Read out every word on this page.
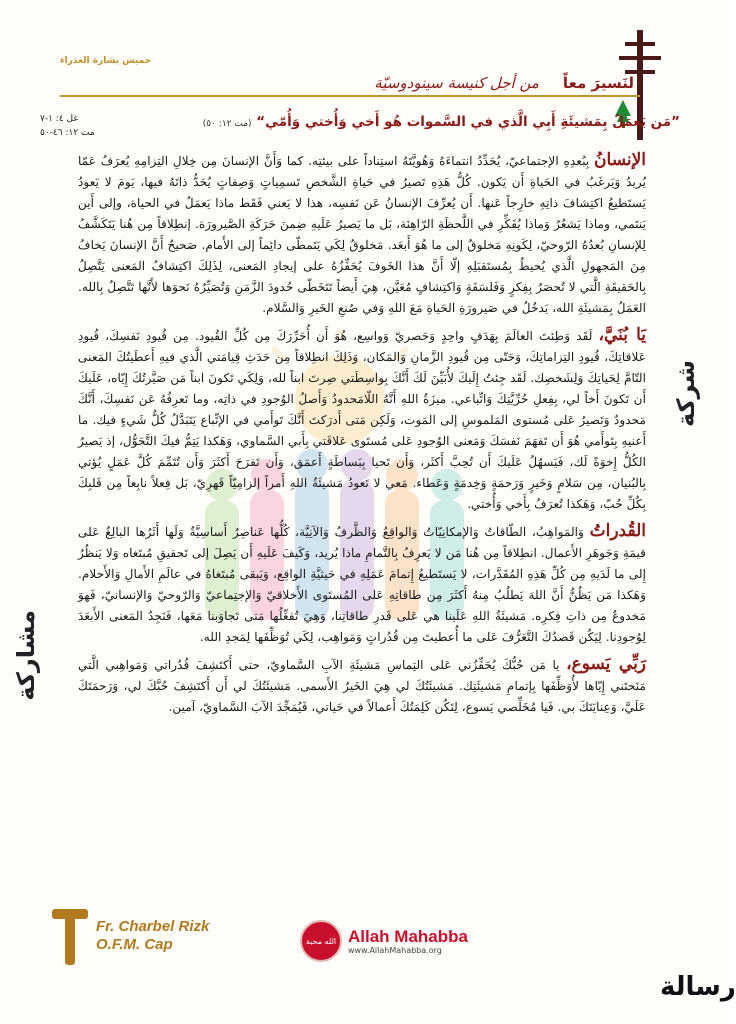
خميس بشارة العذراء
من أجل كنيسة سينودوسيّة لنَسيرَ معاً
غل ٤: ١-٧
مت ١٢: ٤٦-٥٠
”مَن يَعمَلُ بِمَشيئَةِ أَبِي الَّذي في السَّموات هُو أَخي وَأُختي وَأُمّي“ (مت ١٢: ٥٠)

الإنسانُ بِبُعدِهِ الإجتماعيّ، يُحَدِّدُ انتماءَهُ وَهُويَّتَهُ استِناداً على بيئتِه. كما وَأَنَّ الإنسانَ مِن خِلالِ التِزامِهِ يُعرَفُ عَمّا يُريدُ وَيَرغَبُ في الحَياةِ أَن يَكون. كُلُّ هَذِهِ تَصيرُ في حَياةِ الشَّخصِ تَسمِياتٍ وَصِفاتٍ يُحَدُّ ذاتَهُ فيها، يَومَ لا يَعودُ يَستَطيعُ اكتِشافَ ذاتِهِ خارِجاً عَنها. أَن يُعرِّفَ الإنسانُ عَن نَفسِه، هذا لا يَعني فَقَط ماذا يَعمَلُ في الحياة، وإلى أَين يَنتَمي، وماذا يَشعُرُ وَماذا يُفَكِّرِ في اللَّحظَةِ الرّاهِنَة، بَل ما يَصيرُ عَلَيهِ ضِمنَ حَرَكَةِ الصَّيرورَة. إنطِلاقاً مِن هُنا يَتَكَشَّفُ لِلإنسانِ بُعدُهُ الرّوحيّ، لِكَونِهِ مَخلوقٌ إلى ما هُوَ أَبعَد. مَخلوقٌ لِكَي يَتَمطّى دائِماً إلى الأَمام. صَحيحٌ أَنَّ الإنسانَ يَخافُ مِنَ المَجهولِ الَّذي يُحيطُ بِمُستَقبَلِهِ إلّا أَنَّ هذا الخَوفَ يُحَفِّزُهُ على إيجادِ المَعنى، لِذَلِكَ اكتِشافُ المَعنى يَتَّصِلُ بِالحَقيقَةِ الَّتي لا تُحصَرُ بِفِكرٍ وَفَلسَفَةٍ وَاكتِشافٍ مُعَيَّن، هِيَ أَيضاً تَتَخَطّى حُدودَ الزَّمَنِ وَتُصَيِّرُهُ نَحوَها لأَنَّها تَتَّصِلُ بِالله. العَمَلُ بِمَشيئَةِ الله، يَدخُلُ في صَيرورَةِ الحَياةِ مَعَ اللهِ وَفي صُنعِ الخَيرِ وَالسَّلام.

يَا بُنَيَّ، لَقَد وَطِئتَ العالَمَ بِهَدَفٍ واحِدٍ وَحَصريّ وَواسِع، هُوَ أَن أُحَرِّرَكَ مِن كُلِّ القُيود. مِن قُيودِ نَفسِكَ، قُيودِ عَلاقاتِكَ، قُيودِ التِزاماتِكَ، وَحَتّى مِن قُيودِ الزَّمانِ وَالمَكان، وَذَلِكَ انطِلاقاً مِن حَدَثِ قِيامَتي الَّذي فيهِ أَعطَيتُكَ المَعنى التّامَّ لِحَياتِكَ وَلِشَخصِك. لَقَد جِئتُ إِلَيكَ لأُبَيِّنَ لَكَ أَنَّكَ بِواسِطَتي صِرتَ ابناً لله، وَلِكَي تَكونَ ابناً مَن صَيَّرتُكَ إِيّاه، عَلَيكَ أَن تَكونَ أَخاً لي، بِفِعلِ حُرِّيَّتِكَ وَاتِّباعي. ميزَةُ اللهِ أَنَّهُ اللّامَحدودُ وَأَصلُ الوُجودِ في ذاتِه، وما تَعرِفُهُ عَن نَفسِكَ، أَنَّكَ مَحدودٌ وَتَصيرُ عَلى مُستوى المَلموسِ إلى المَوت، وَلَكِن مَتى أَدرَكتَ أَنَّكَ تَوأَمي في الإتِّباع يَتَبَدَّلُ كُلُّ شَيءٍ فيك. ما أَعنيهِ بِتَوأَمي هُوَ أَن تَفهَمَ نَفسَكَ وَمَعنى الوُجودِ عَلى مُستَوى عَلاقَتي بِأَبي السَّماوي، وَهَكذا يَتِمُّ فيكَ التَّحَوُّل، إذ يَصيرُ الكُلُّ إِخوَةً لَك، فَيَسهُلُ عَلَيكَ أَن تُحِبَّ أَكثَر، وَأَن تَحيا بِبَساطَةٍ أَعمَق، وَأَن تَفرَحَ أَكثَرَ وَأَن تُتَمِّمَ كُلَّ عَمَلٍ يُؤتي بِالبُنيان، مِن سَلامٍ وَخَيرٍ وَرَحمَةٍ وَخِدمَةٍ وَعَطاء. مَعي لا تَعودُ مَشيئَةُ اللهِ أَمراً إلزامِيّاً قَهرِيّ، بَل فِعلاً نابِعاً مِن قَلبِكَ بِكُلِّ حُبّ، وَهَكذا تُعرَفُ بِأَخي وَأُختي.

القُدراتُ وَالمَواهِبُ، الطّاقاتُ وَالإمكانِيّاتُ وَالواقِعُ وَالظَّرفُ وَالآنِيَّة، كُلُّها عَناصِرُ أَساسِيَّةٌ وَلَها أَثَرُها البالِغُ عَلى قيمَةِ وَجَوهَرِ الأَعمال. انطِلاقاً مِن هُنا مَن لا يَعرِفُ بِالتَّمامِ ماذا يُريد، وَكَيفَ عَلَيهِ أَن يَصِلَ إلى تَحقيقِ مُبتَغاه وَلا يَنظُرُ إِلى ما لَدَيهِ مِن كُلِّ هَذِهِ المُقَدَّرات، لا يَستَطيعُ إِتمامَ عَمَلِهِ في حَيثيَّةِ الواقِع، وَيَبقى مُبتَغاهُ في عالَمِ الأَمالِ وَالأَحلام. وَهَكذا مَن يَظُنُّ أَنَّ اللهَ يَطلُبُ مِنهُ أَكثَرَ مِن طاقاتِهِ عَلى المُستَوى الأَخلاقيّ وَالإجتِماعيّ وَالرّوحيّ وَالإنسانيّ، فَهوَ مَخدوعٌ مِن ذاتِ فِكرِه. مَشيئَةُ اللهِ عَلَينا هي عَلى قَدرِ طاقاتِنا، وَهِيَ تُفعِّلُها مَتى تَجاوَبنا مَعَها، فَنَجِدُ المَعنى الأَبعَدَ لِوُجودِنا. لِيَكُن قَصدُكَ التَّعَرُّفَ عَلى ما أُعطيتَ مِن قُدُراتٍ وَمَواهِب، لِكَي تُوَظِّفَها لِمَجدِ الله.

رَبِّي يَسوع، يا مَن حُبُّكَ يُحَفِّزُني عَلى التِماسِ مَشيئَةِ الآبِ السَّماويّ، حتى أَكتَشِفَ قُدُراتي وَمَواهِبي الَّتي مَنَحتَني إِيّاها لأُوَظِّفَها بِإتمامِ مَشيئَتِك. مَشيئَتُكَ لي هِيَ الخَيرُ الأَسمى. مَشيئَتُكَ لي أَن أَكتَشِفَ حُبَّكَ لي، وَرَحمَتَكَ عَلَيَّ، وَعِنايَتَكَ بي. فَيا مُخَلِّصي يَسوع، لِتَكُن كَلِمَتُكَ أَعمالاً في حَياتي، فَيُمَجِّدَ الآبَ السَّماويّ، آمين.

شركة
مشاركة
رسالة
Fr. Charbel Rizk
O.F.M. Cap	الله محبة Allah Mahabba
www.AllahMahabba.org
